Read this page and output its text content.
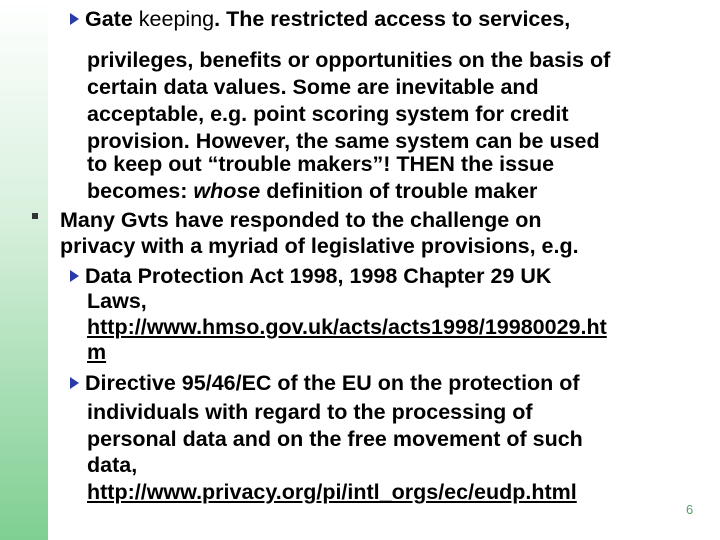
Gate keeping. The restricted access to services,
privileges, benefits or opportunities on the basis of
certain data values. Some are inevitable and
acceptable, e.g. point scoring system for credit
provision. However, the same system can be used
to keep out “trouble makers”! THEN the issue
becomes: whose definition of trouble maker
Many Gvts have responded to the challenge on
privacy with a myriad of legislative provisions, e.g.
Data Protection Act 1998, 1998 Chapter 29 UK
Laws,
http://www.hmso.gov.uk/acts/acts1998/19980029.ht
m
Directive 95/46/EC of the EU on the protection of
individuals with regard to the processing of
personal data and on the free movement of such
data,
http://www.privacy.org/pi/intl_orgs/ec/eudp.html
6
